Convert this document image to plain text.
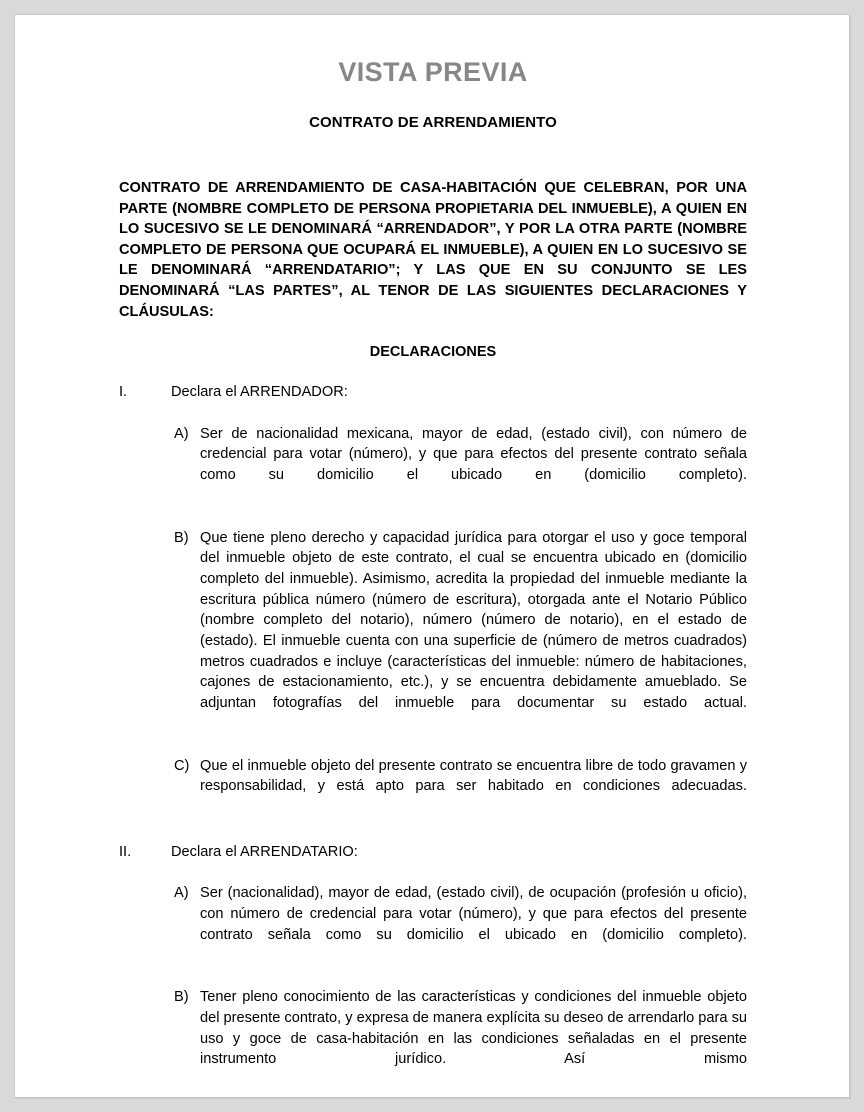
VISTA PREVIA
CONTRATO DE ARRENDAMIENTO

CONTRATO DE ARRENDAMIENTO DE CASA-HABITACIÓN QUE CELEBRAN, POR UNA PARTE (NOMBRE COMPLETO DE PERSONA PROPIETARIA DEL INMUEBLE), A QUIEN EN LO SUCESIVO SE LE DENOMINARÁ “ARRENDADOR”, Y POR LA OTRA PARTE (NOMBRE COMPLETO DE PERSONA QUE OCUPARÁ EL INMUEBLE), A QUIEN EN LO SUCESIVO SE LE DENOMINARÁ “ARRENDATARIO”; Y LAS QUE EN SU CONJUNTO SE LES DENOMINARÁ “LAS PARTES”, AL TENOR DE LAS SIGUIENTES DECLARACIONES Y CLÁUSULAS:

DECLARACIONES
I.	Declara el ARRENDADOR:
A) Ser de nacionalidad mexicana, mayor de edad, (estado civil), con número de credencial para votar (número), y que para efectos del presente contrato señala como su domicilio el ubicado en (domicilio completo).
B) Que tiene pleno derecho y capacidad jurídica para otorgar el uso y goce temporal del inmueble objeto de este contrato, el cual se encuentra ubicado en (domicilio completo del inmueble). Asimismo, acredita la propiedad del inmueble mediante la escritura pública número (número de escritura), otorgada ante el Notario Público (nombre completo del notario), número (número de notario), en el estado de (estado). El inmueble cuenta con una superficie de (número de metros cuadrados) metros cuadrados e incluye (características del inmueble: número de habitaciones, cajones de estacionamiento, etc.), y se encuentra debidamente amueblado. Se adjuntan fotografías del inmueble para documentar su estado actual.
C) Que el inmueble objeto del presente contrato se encuentra libre de todo gravamen y responsabilidad, y está apto para ser habitado en condiciones adecuadas.
II.	Declara el ARRENDATARIO:
A) Ser (nacionalidad), mayor de edad, (estado civil), de ocupación (profesión u oficio), con número de credencial para votar (número), y que para efectos del presente contrato señala como su domicilio el ubicado en (domicilio completo).
B) Tener pleno conocimiento de las características y condiciones del inmueble objeto del presente contrato, y expresa de manera explícita su deseo de arrendarlo para su uso y goce de casa-habitación en las condiciones señaladas en el presente instrumento jurídico. Así mismo
